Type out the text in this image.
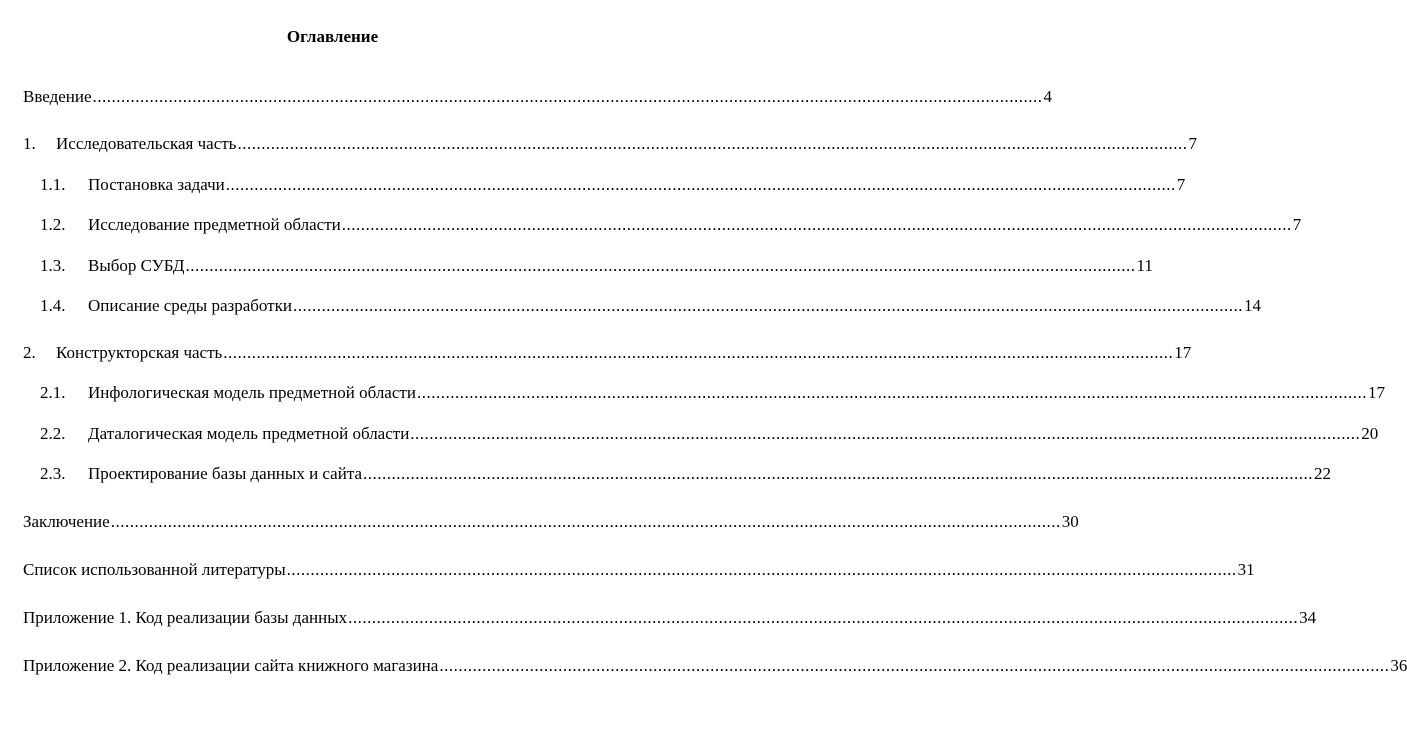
Оглавление
Введение ........................................................................................................................................................................................................ 4
1.	Исследовательская часть ........................................................................................................................................................................................................ 7
1.1.	Постановка задачи ........................................................................................................................................................................................................ 7
1.2.	Исследование предметной области ........................................................................................................................................................................................................ 7
1.3.	Выбор СУБД ........................................................................................................................................................................................................ 11
1.4.	Описание среды разработки ........................................................................................................................................................................................................ 14
2.	Конструкторская часть ........................................................................................................................................................................................................ 17
2.1.	Инфологическая модель предметной области ........................................................................................................................................................................................................ 17
2.2.	Даталогическая модель предметной области ........................................................................................................................................................................................................ 20
2.3.	Проектирование базы данных и сайта ........................................................................................................................................................................................................ 22
Заключение ........................................................................................................................................................................................................ 30
Список использованной литературы ........................................................................................................................................................................................................ 31
Приложение 1. Код реализации базы данных ........................................................................................................................................................................................................ 34
Приложение 2. Код реализации сайта книжного магазина ........................................................................................................................................................................................................ 36
